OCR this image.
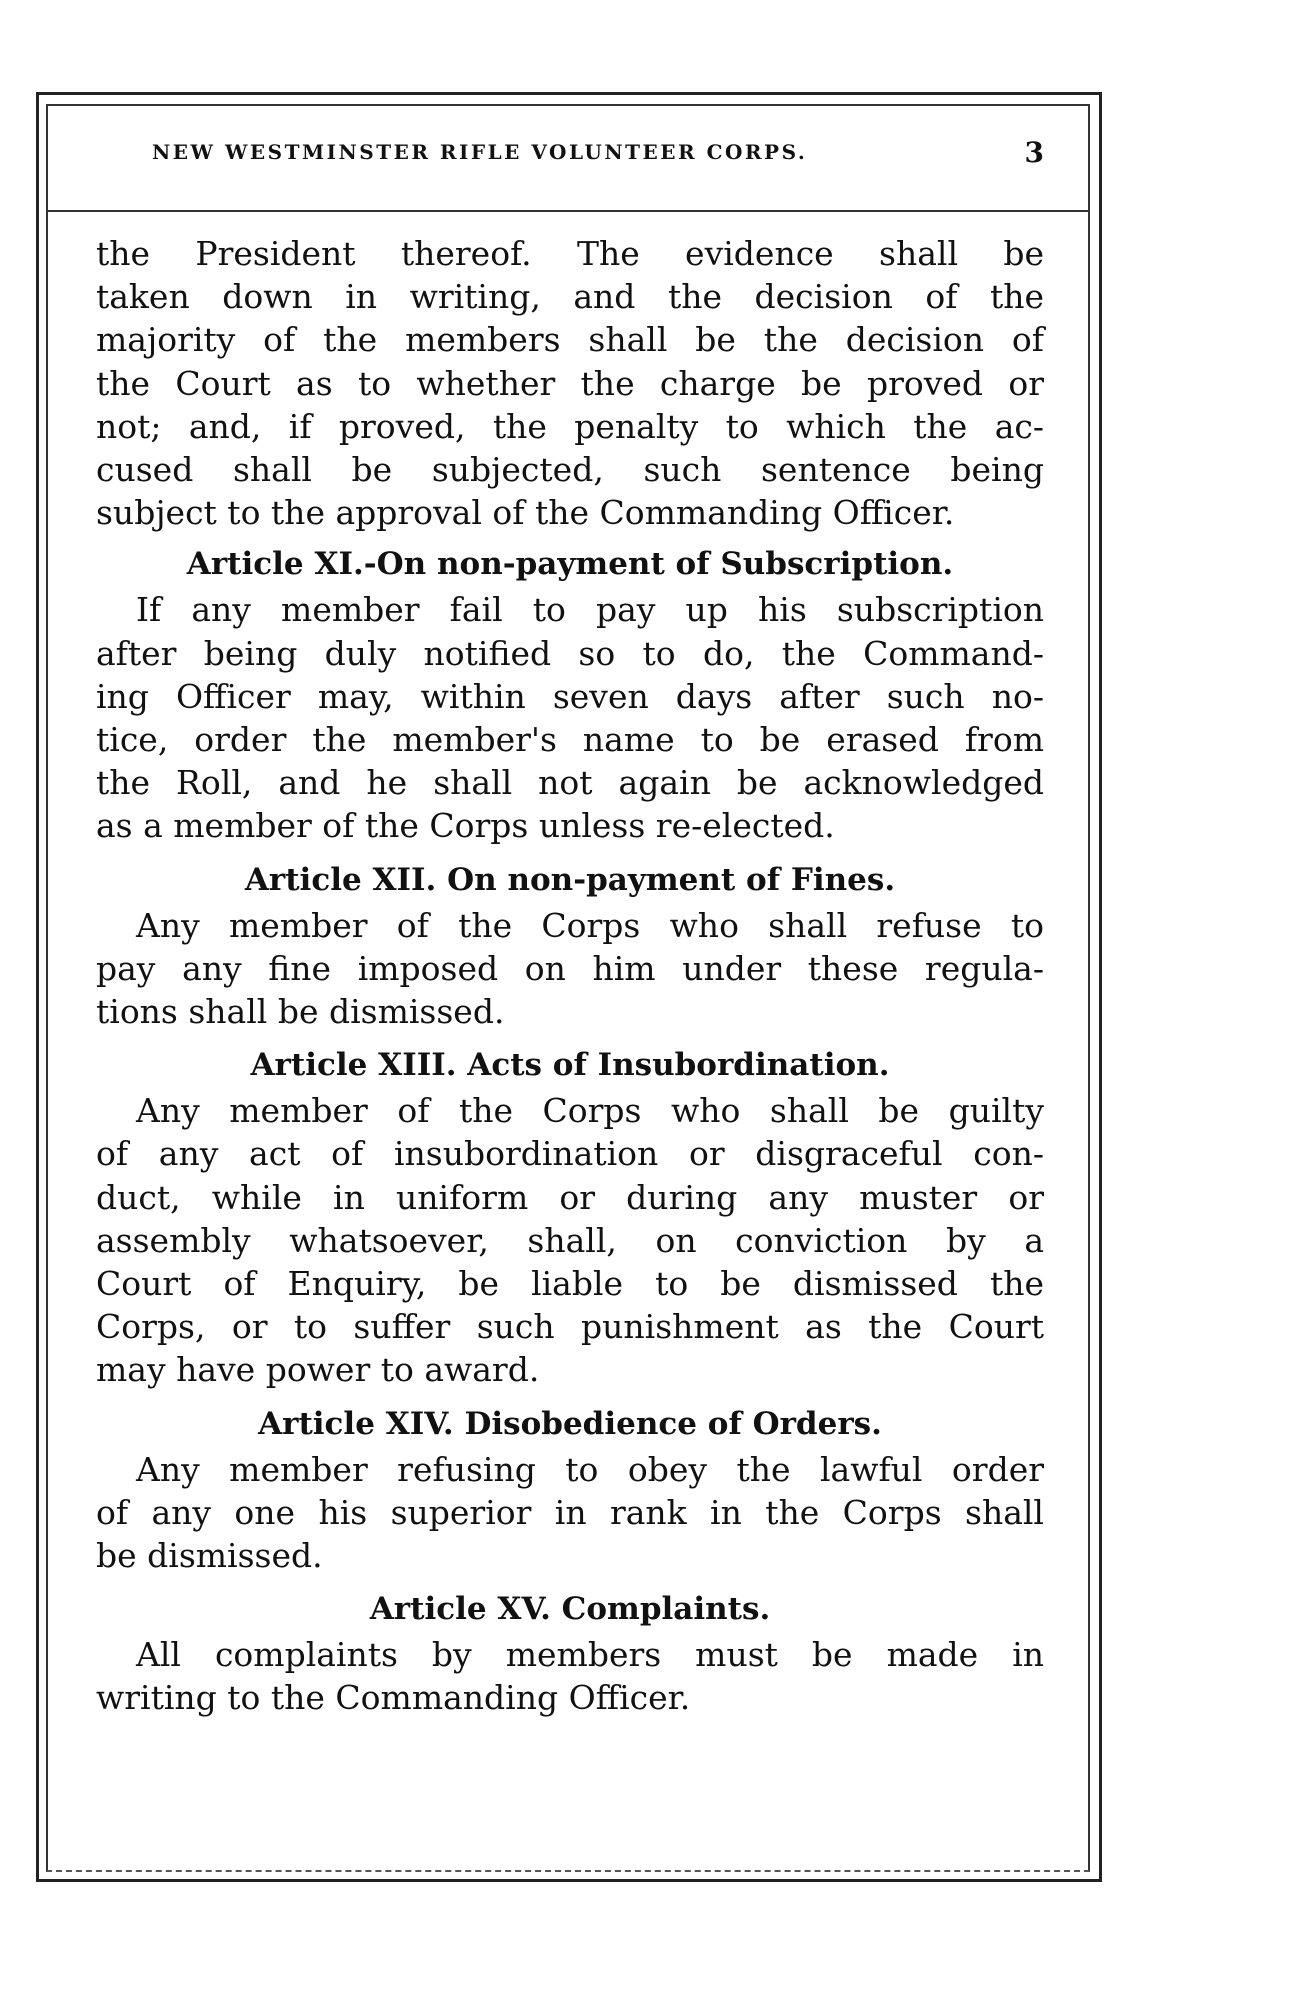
NEW WESTMINSTER RIFLE VOLUNTEER CORPS.	3

the President thereof. The evidence shall be
taken down in writing, and the decision of the
majority of the members shall be the decision of
the Court as to whether the charge be proved or
not; and, if proved, the penalty to which the ac-
cused shall be subjected, such sentence being
subject to the approval of the Commanding Officer.

Article XI.-On non-payment of Subscription.

If any member fail to pay up his subscription
after being duly notified so to do, the Command-
ing Officer may, within seven days after such no-
tice, order the member's name to be erased from
the Roll, and he shall not again be acknowledged
as a member of the Corps unless re-elected.

Article XII. On non-payment of Fines.

Any member of the Corps who shall refuse to
pay any fine imposed on him under these regula-
tions shall be dismissed.

Article XIII. Acts of Insubordination.

Any member of the Corps who shall be guilty
of any act of insubordination or disgraceful con-
duct, while in uniform or during any muster or
assembly whatsoever, shall, on conviction by a
Court of Enquiry, be liable to be dismissed the
Corps, or to suffer such punishment as the Court
may have power to award.

Article XIV. Disobedience of Orders.

Any member refusing to obey the lawful order
of any one his superior in rank in the Corps shall
be dismissed.

Article XV. Complaints.

All complaints by members must be made in
writing to the Commanding Officer.
